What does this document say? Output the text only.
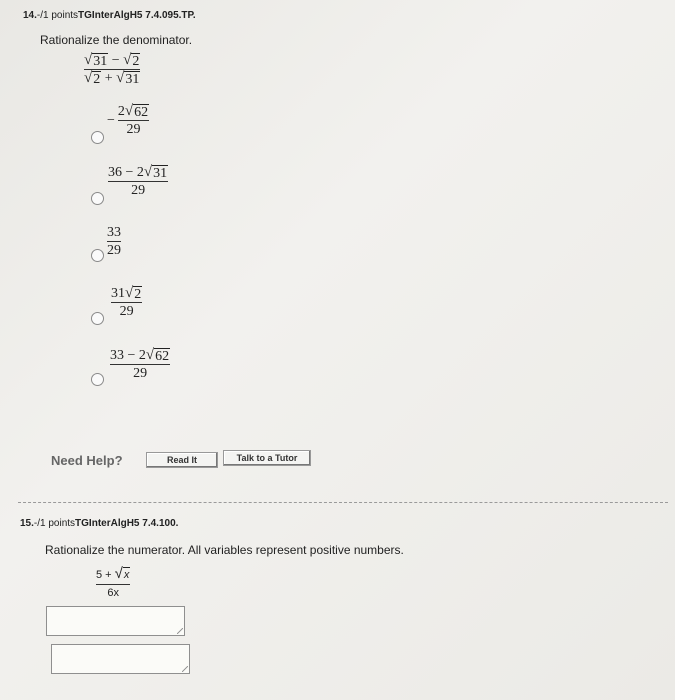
14.-/1 pointsTGInterAlgH5 7.4.095.TP.
Rationalize the denominator.
√ 31 − √ 2
√ 2 + √ 31
− $\frac{2 √ 62}{29}$
36 − 2 √ 31
29
33
29
31 √ 2
29
33 − 2 √ 62
29
Need Help?	Read It	Talk to a Tutor
15.-/1 pointsTGInterAlgH5 7.4.100.
Rationalize the numerator. All variables represent positive numbers.
5 + √ x
6x
